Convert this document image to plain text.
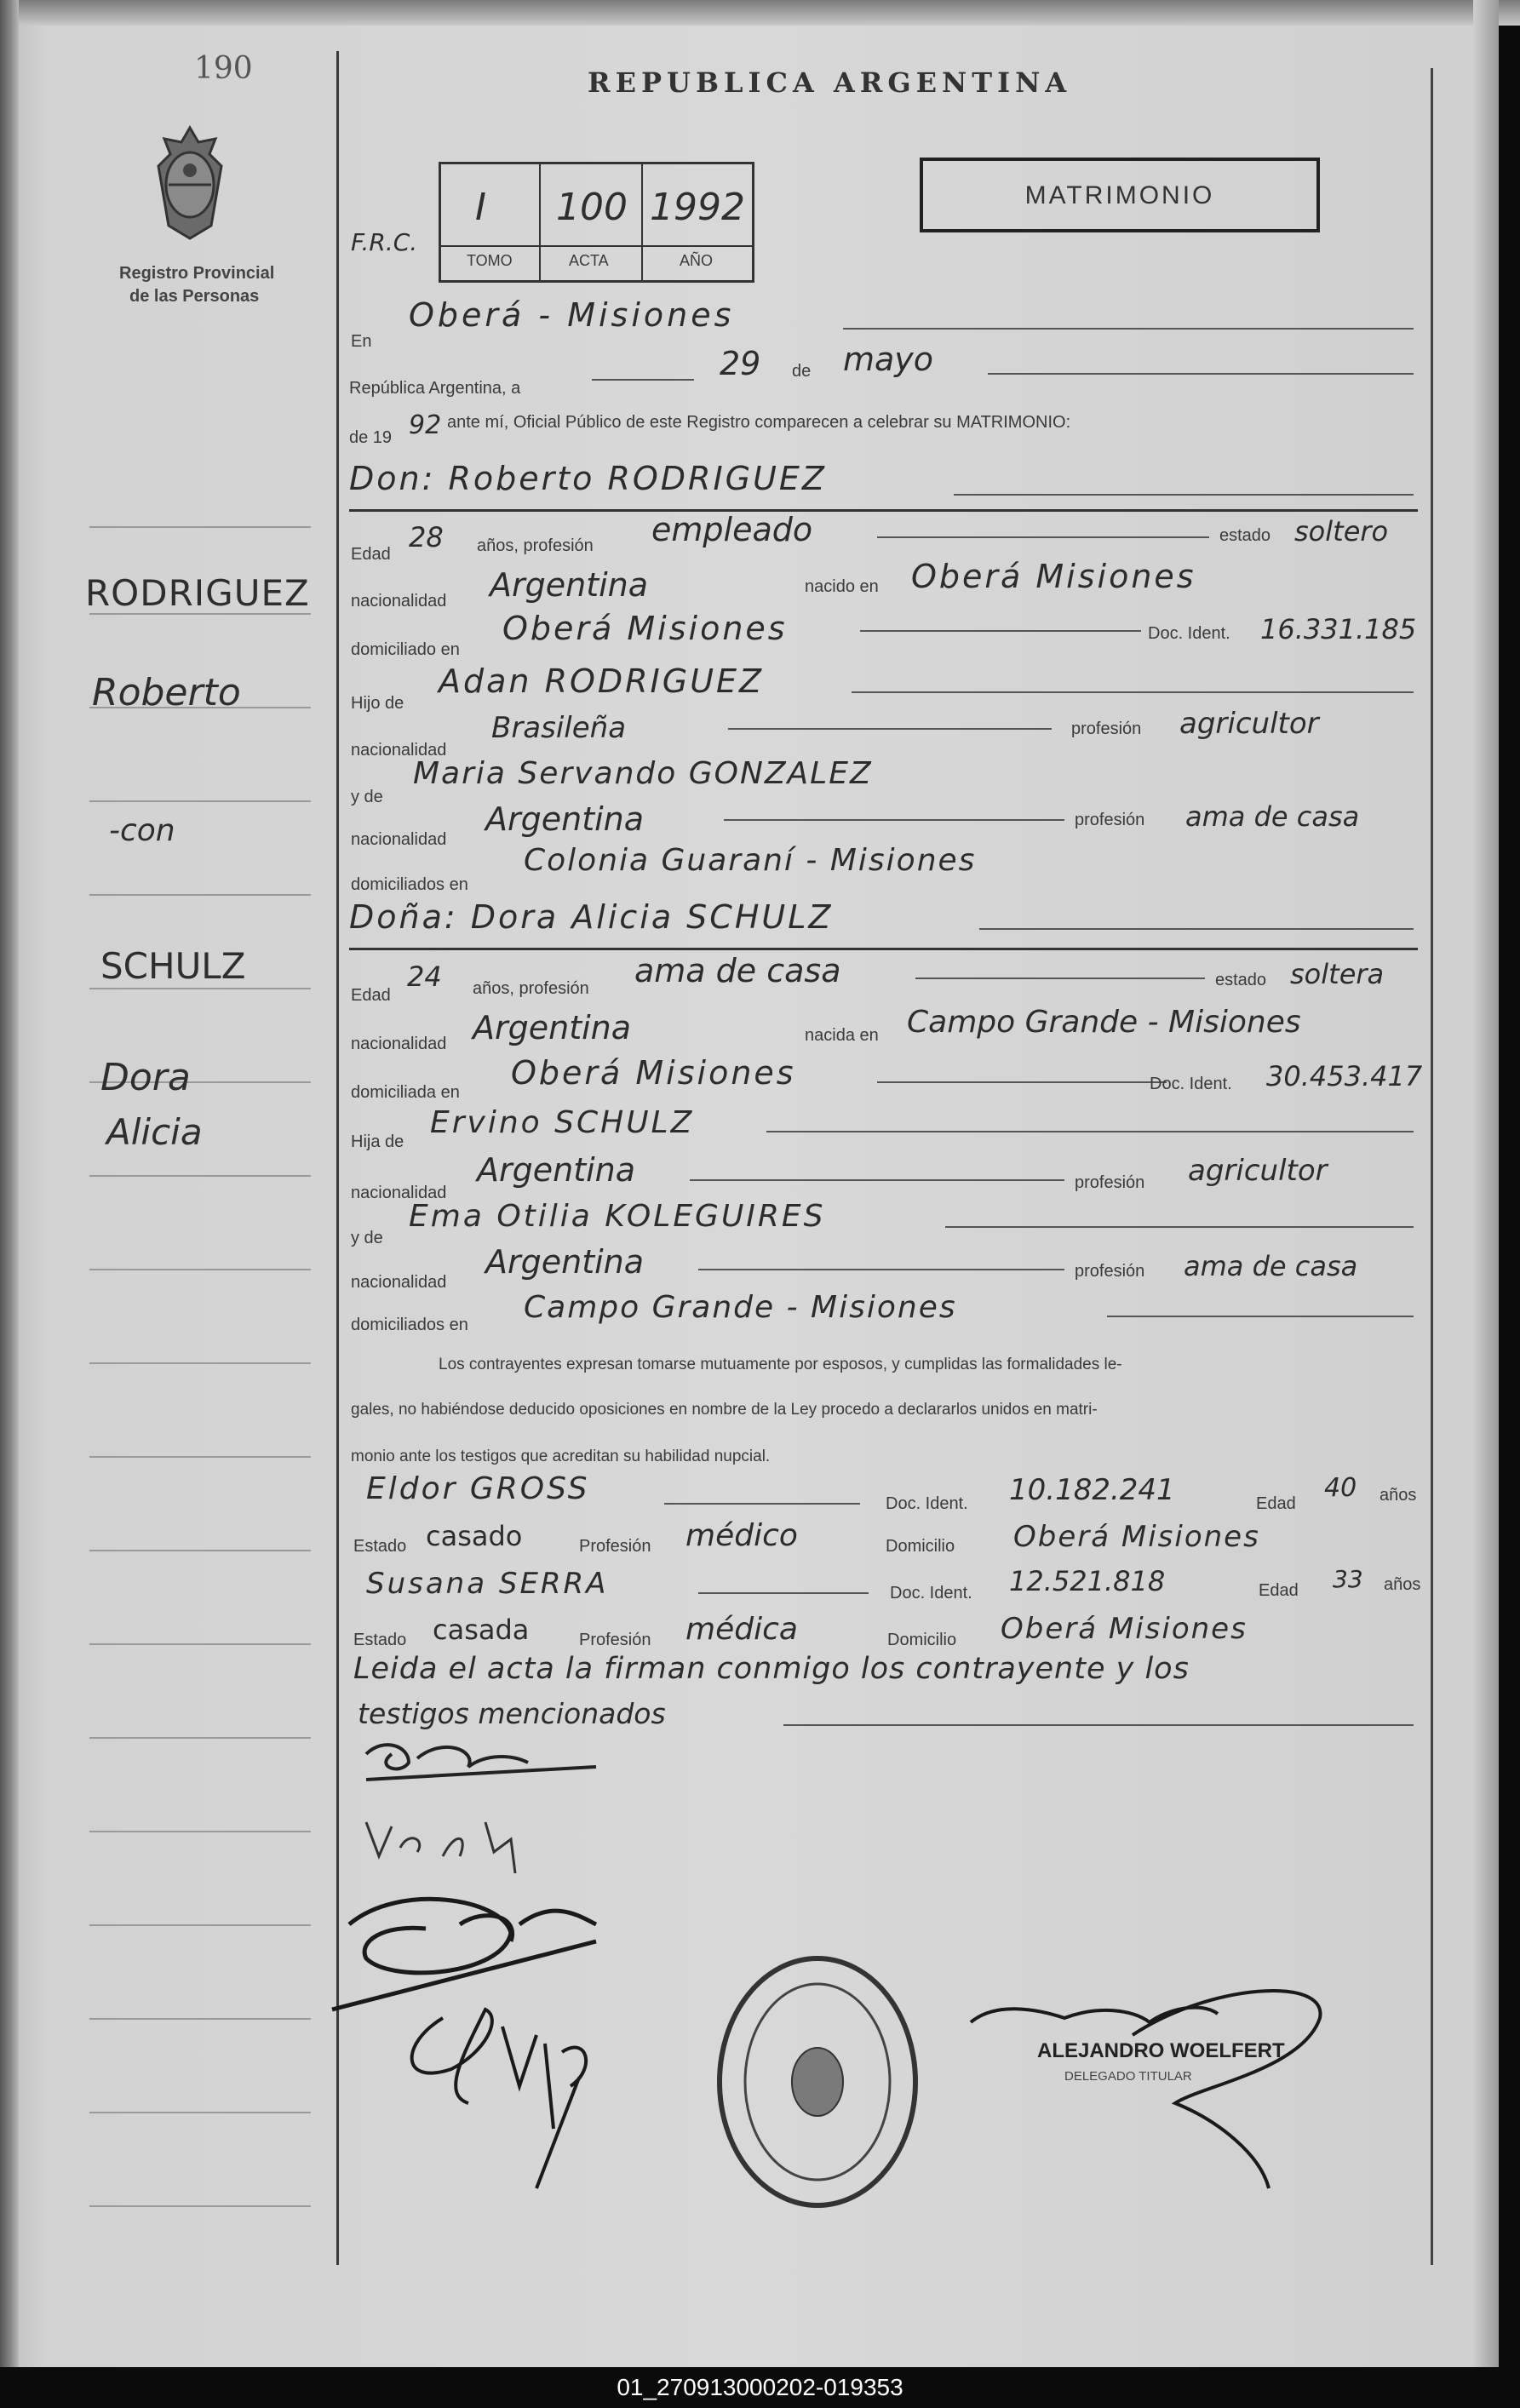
190
Registro Provincial
de las Personas
REPUBLICA ARGENTINA
F.R.C.
I 100 1992
TOMO	ACTA	AÑO
MATRIMONIO
En
Oberá - Misiones
República Argentina, a
29 de mayo
de 19 92 ante mí, Oficial Público de este Registro comparecen a celebrar su MATRIMONIO:
Don: Roberto RODRIGUEZ
Edad
28 años, profesión empleado	estado soltero
nacionalidad Argentina	nacido en Oberá Misiones
domiciliado en
Oberá Misiones	Doc. Ident. 16.331.185
Hijo de
Adan RODRIGUEZ
nacionalidad
Brasileña	profesión agricultor
y de
Maria Servando GONZALEZ
nacionalidad
Argentina	profesión ama de casa
domiciliados en
Colonia Guaraní - Misiones
Doña: Dora Alicia SCHULZ
Edad
24 años, profesión ama de casa	estado soltera
nacionalidad Argentina	nacida en Campo Grande - Misiones
domiciliada en
Oberá Misiones	Doc. Ident. 30.453.417
Hija de
Ervino SCHULZ
nacionalidad
Argentina	profesión agricultor
y de
Ema Otilia KOLEGUIRES
nacionalidad
Argentina	profesión ama de casa
domiciliados en Campo Grande - Misiones
Los contrayentes expresan tomarse mutuamente por esposos, y cumplidas las formalidades le-
gales, no habiéndose deducido oposiciones en nombre de la Ley procedo a declararlos unidos en matri-
monio ante los testigos que acreditan su habilidad nupcial.
Eldor GROSS	Doc. Ident. 10.182.241	Edad
40 años
Estado casado	Profesión médico	Domicilio Oberá Misiones
Susana SERRA	Doc. Ident. 12.521.818	Edad 33 años
Estado casada	Profesión médica	Domicilio Oberá Misiones
Leida el acta la firman conmigo los contrayente y los
testigos mencionados
ALEJANDRO WOELFERT
DELEGADO TITULAR
RODRIGUEZ
Roberto
-con
SCHULZ
Dora
Alicia
01_270913000202-019353
